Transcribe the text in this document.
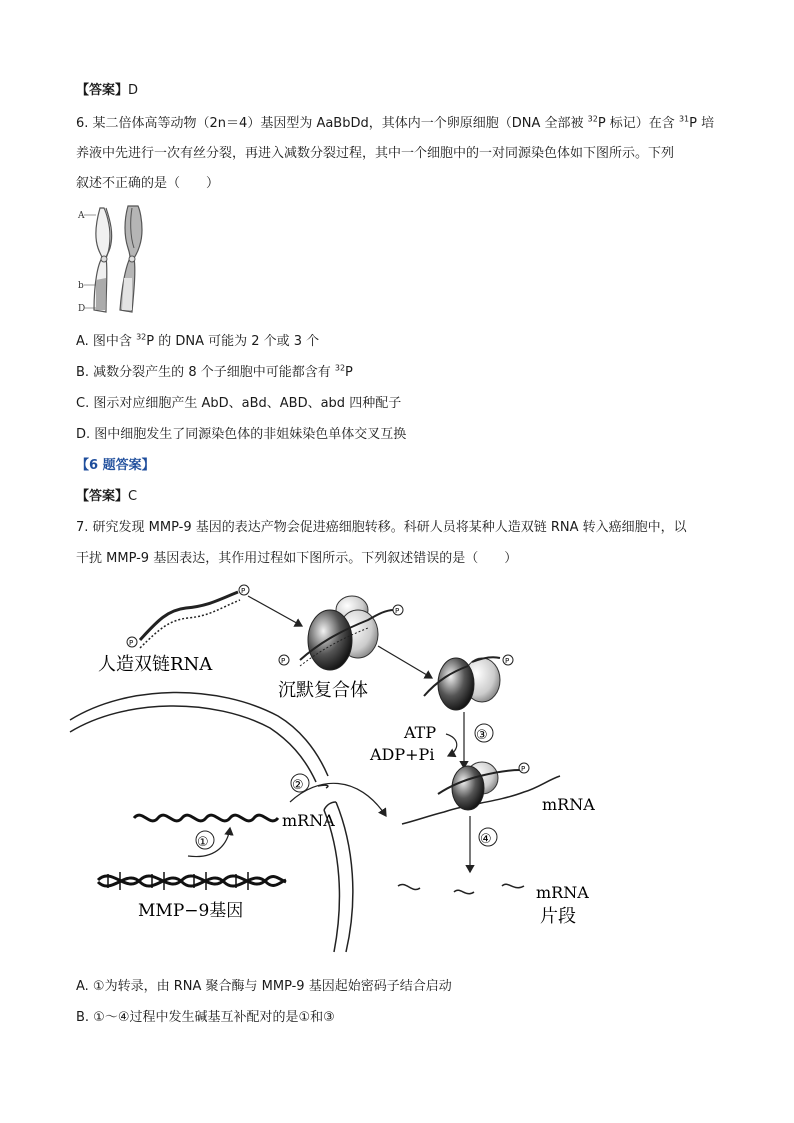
【答案】D
6. 某二倍体高等动物（2n＝4）基因型为 AaBbDd，其体内一个卵原细胞（DNA 全部被 $^{32}$P 标记）在含 $^{31}$P 培
养液中先进行一次有丝分裂，再进入减数分裂过程，其中一个细胞中的一对同源染色体如下图所示。下列
叙述不正确的是（　　）
A
b
D
A. 图中含 $^{32}$P 的 DNA 可能为 2 个或 3 个
B. 减数分裂产生的 8 个子细胞中可能都含有 $^{32}$P
C. 图示对应细胞产生 AbD、aBd、ABD、abd 四种配子
D. 图中细胞发生了同源染色体的非姐妹染色单体交叉互换
【6 题答案】
【答案】C
7. 研究发现 MMP-9 基因的表达产物会促进癌细胞转移。科研人员将某种人造双链 RNA 转入癌细胞中，以
干扰 MMP-9 基因表达，其作用过程如下图所示。下列叙述错误的是（　　）
P
P
人造双链RNA
P
P
沉默复合体
P
ATP
ADP+Pi
③
P
mRNA
④
mRNA
片段
mRNA
②
①
MMP−9基因
A. ①为转录，由 RNA 聚合酶与 MMP-9 基因起始密码子结合启动
B. ①～④过程中发生碱基互补配对的是①和③
